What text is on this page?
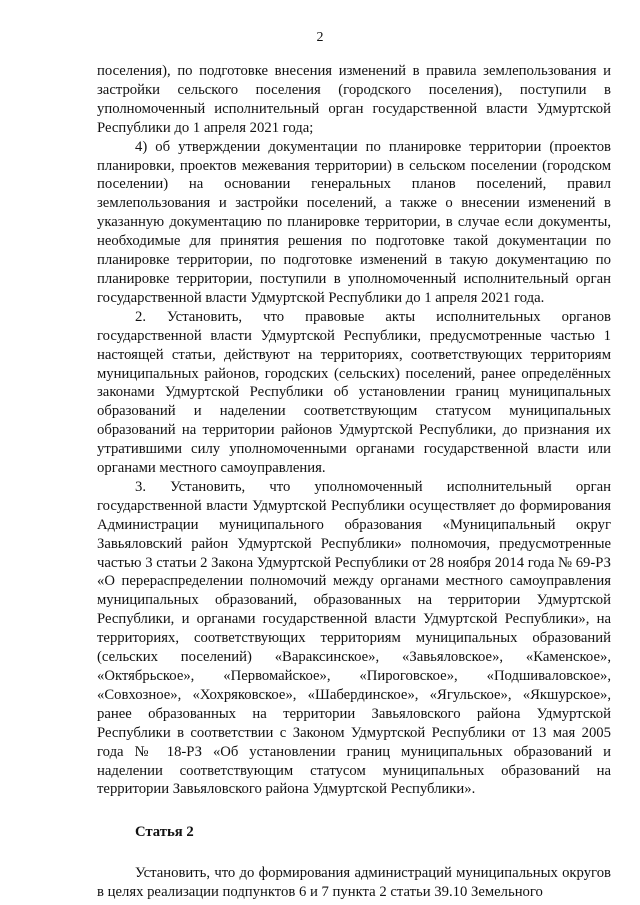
2

поселения), по подготовке внесения изменений в правила землепользования и застройки сельского поселения (городского поселения), поступили в уполномоченный исполнительный орган государственной власти Удмуртской Республики до 1 апреля 2021 года;

4) об утверждении документации по планировке территории (проектов планировки, проектов межевания территории) в сельском поселении (городском поселении) на основании генеральных планов поселений, правил землепользования и застройки поселений, а также о внесении изменений в указанную документацию по планировке территории, в случае если документы, необходимые для принятия решения по подготовке такой документации по планировке территории, по подготовке изменений в такую документацию по планировке территории, поступили в уполномоченный исполнительный орган государственной власти Удмуртской Республики до 1 апреля 2021 года.

2. Установить, что правовые акты исполнительных органов государственной власти Удмуртской Республики, предусмотренные частью 1 настоящей статьи, действуют на территориях, соответствующих территориям муниципальных районов, городских (сельских) поселений, ранее определённых законами Удмуртской Республики об установлении границ муниципальных образований и наделении соответствующим статусом муниципальных образований на территории районов Удмуртской Республики, до признания их утратившими силу уполномоченными органами государственной власти или органами местного самоуправления.

3. Установить, что уполномоченный исполнительный орган государственной власти Удмуртской Республики осуществляет до формирования Администрации муниципального образования «Муниципальный округ Завьяловский район Удмуртской Республики» полномочия, предусмотренные частью 3 статьи 2 Закона Удмуртской Республики от 28 ноября 2014 года № 69-РЗ «О перераспределении полномочий между органами местного самоуправления муниципальных образований, образованных на территории Удмуртской Республики, и органами государственной власти Удмуртской Республики», на территориях, соответствующих территориям муниципальных образований (сельских поселений) «Вараксинское», «Завьяловское», «Каменское», «Октябрьское», «Первомайское», «Пироговское», «Подшиваловское», «Совхозное», «Хохряковское», «Шабердинское», «Ягульское», «Якшурское», ранее образованных на территории Завьяловского района Удмуртской Республики в соответствии с Законом Удмуртской Республики от 13 мая 2005 года № 18-РЗ «Об установлении границ муниципальных образований и наделении соответствующим статусом муниципальных образований на территории Завьяловского района Удмуртской Республики».

Статья 2

Установить, что до формирования администраций муниципальных округов в целях реализации подпунктов 6 и 7 пункта 2 статьи 39.10 Земельного
